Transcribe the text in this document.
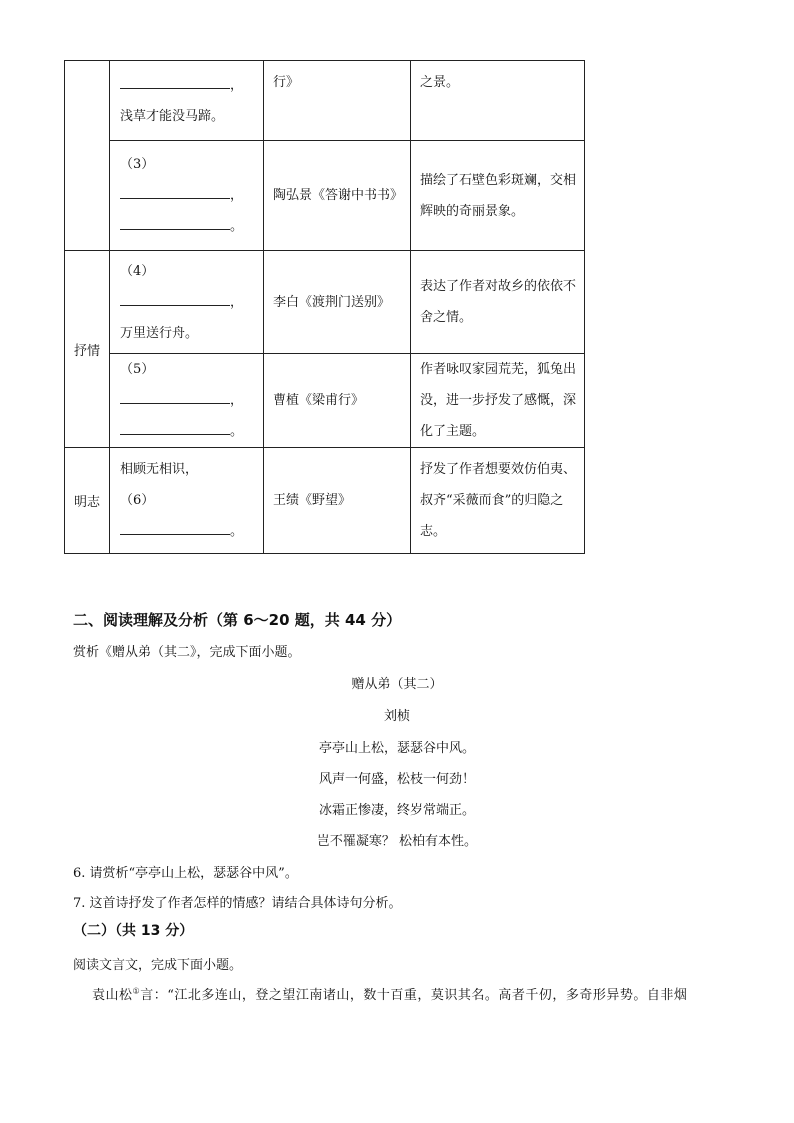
	，
浅草才能没马蹄。	行》	之景。

	（3）
，
。	陶弘景《答谢中书书》	描绘了石壁色彩斑斓，交相辉映的奇丽景象。
抒情	（4）
，
万里送行舟。	李白《渡荆门送别》	表达了作者对故乡的依依不舍之情。

	（5）
，
。	曹植《梁甫行》	作者咏叹家园荒芜，狐兔出没，进一步抒发了感慨，深化了主题。
明志	相顾无相识，
（6）
。	王绩《野望》	抒发了作者想要效仿伯夷、叔齐“采薇而食”的归隐之志。
二、阅读理解及分析（第 6～20 题，共 44 分）
赏析《赠从弟（其二》，完成下面小题。
赠从弟（其二）
刘桢
亭亭山上松，瑟瑟谷中风。
风声一何盛，松枝一何劲！
冰霜正惨凄，终岁常端正。
岂不罹凝寒？ 松柏有本性。
6. 请赏析“亭亭山上松，瑟瑟谷中风”。
7. 这首诗抒发了作者怎样的情感？请结合具体诗句分析。
（二）（共 13 分）
阅读文言文，完成下面小题。
袁山松①言：“江北多连山，登之望江南诸山，数十百重，莫识其名。高者千仞，多奇形异势。自非烟
